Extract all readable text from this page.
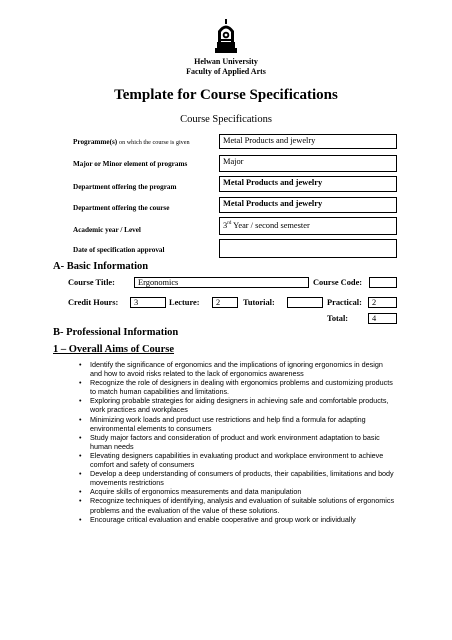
Helwan University
Faculty of Applied Arts
Template for Course Specifications
Course Specifications
Programme(s) on which the course is given	Metal Products and jewelry
Major or Minor element of programs	Major
Department offering the program	Metal Products and jewelry
Department offering the course	Metal Products and jewelry
Academic year / Level	3rd Year / second semester
Date of specification approval
A- Basic Information
Course Title:	Ergonomics	Course Code:
Credit Hours:	3	Lecture:	2	Tutorial:	Practical:	2
Total:	4
B- Professional Information
1 – Overall Aims of Course
• Identify the significance of ergonomics and the implications of ignoring ergonomics in design and how to avoid risks related to the lack of ergonomics awareness
• Recognize the role of designers in dealing with ergonomics problems and customizing products to match human capabilities and limitations.
• Exploring probable strategies for aiding designers in achieving safe and comfortable products, work practices and workplaces
• Minimizing work loads and product use restrictions and help find a formula for adapting environmental elements to consumers
• Study major factors and consideration of product and work environment adaptation to basic human needs
• Elevating designers capabilities in evaluating product and workplace environment to achieve comfort and safety of consumers
• Develop a deep understanding of consumers of products, their capabilities, limitations and body movements restrictions
• Acquire skills of ergonomics measurements and data manipulation
• Recognize techniques of identifying, analysis and evaluation of suitable solutions of ergonomics problems and the evaluation of the value of these solutions.
• Encourage critical evaluation and enable cooperative and group work or individually
